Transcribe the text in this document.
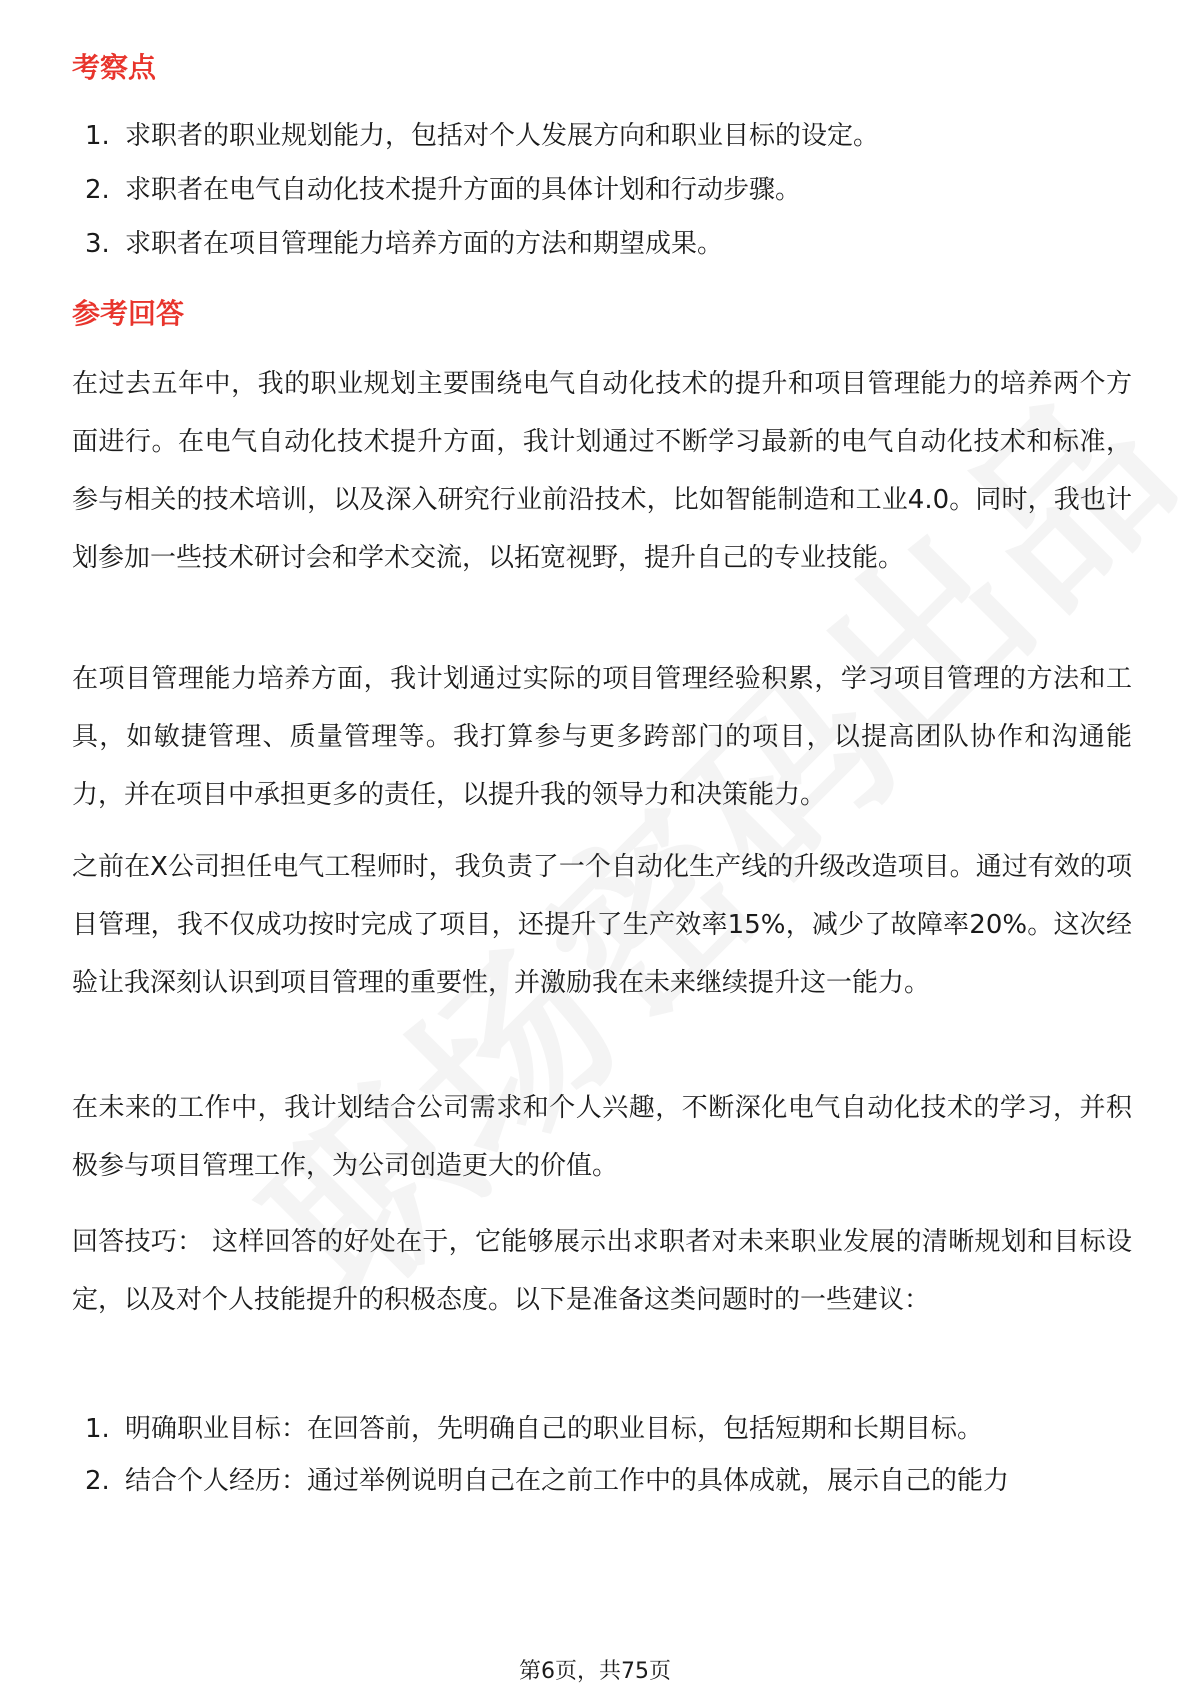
考察点
1. 求职者的职业规划能力，包括对个人发展方向和职业目标的设定。
2. 求职者在电气自动化技术提升方面的具体计划和行动步骤。
3. 求职者在项目管理能力培养方面的方法和期望成果。
参考回答
在过去五年中，我的职业规划主要围绕电气自动化技术的提升和项目管理能力的培养两个方面进行。在电气自动化技术提升方面，我计划通过不断学习最新的电气自动化技术和标准，参与相关的技术培训，以及深入研究行业前沿技术，比如智能制造和工业4.0。同时，我也计划参加一些技术研讨会和学术交流，以拓宽视野，提升自己的专业技能。
在项目管理能力培养方面，我计划通过实际的项目管理经验积累，学习项目管理的方法和工具，如敏捷管理、质量管理等。我打算参与更多跨部门的项目，以提高团队协作和沟通能力，并在项目中承担更多的责任，以提升我的领导力和决策能力。
之前在X公司担任电气工程师时，我负责了一个自动化生产线的升级改造项目。通过有效的项目管理，我不仅成功按时完成了项目，还提升了生产效率15%，减少了故障率20%。这次经验让我深刻认识到项目管理的重要性，并激励我在未来继续提升这一能力。
在未来的工作中，我计划结合公司需求和个人兴趣，不断深化电气自动化技术的学习，并积极参与项目管理工作，为公司创造更大的价值。
回答技巧： 这样回答的好处在于，它能够展示出求职者对未来职业发展的清晰规划和目标设定，以及对个人技能提升的积极态度。以下是准备这类问题时的一些建议：
1. 明确职业目标：在回答前，先明确自己的职业目标，包括短期和长期目标。
2. 结合个人经历：通过举例说明自己在之前工作中的具体成就，展示自己的能力
第6页，共75页
